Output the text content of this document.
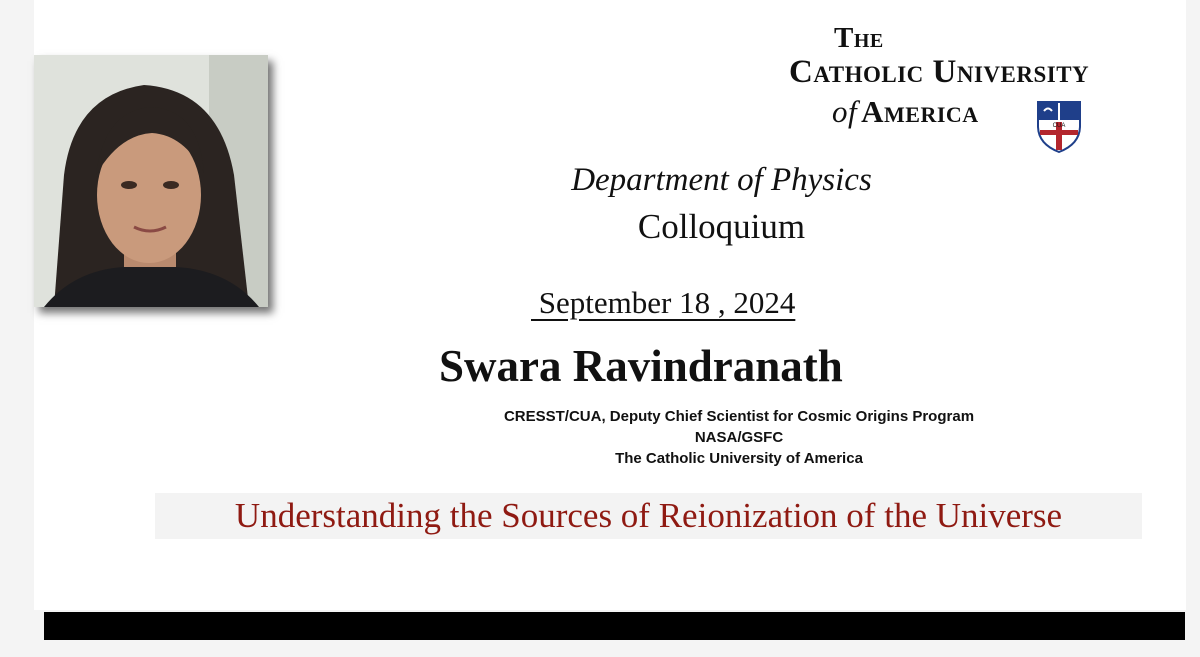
The
Catholic University
of America	CUA
Department of Physics
Colloquium
September 18 , 2024
Swara Ravindranath
CRESST/CUA, Deputy Chief Scientist for Cosmic Origins Program
NASA/GSFC
The Catholic University of America
Understanding the Sources of Reionization of the Universe
